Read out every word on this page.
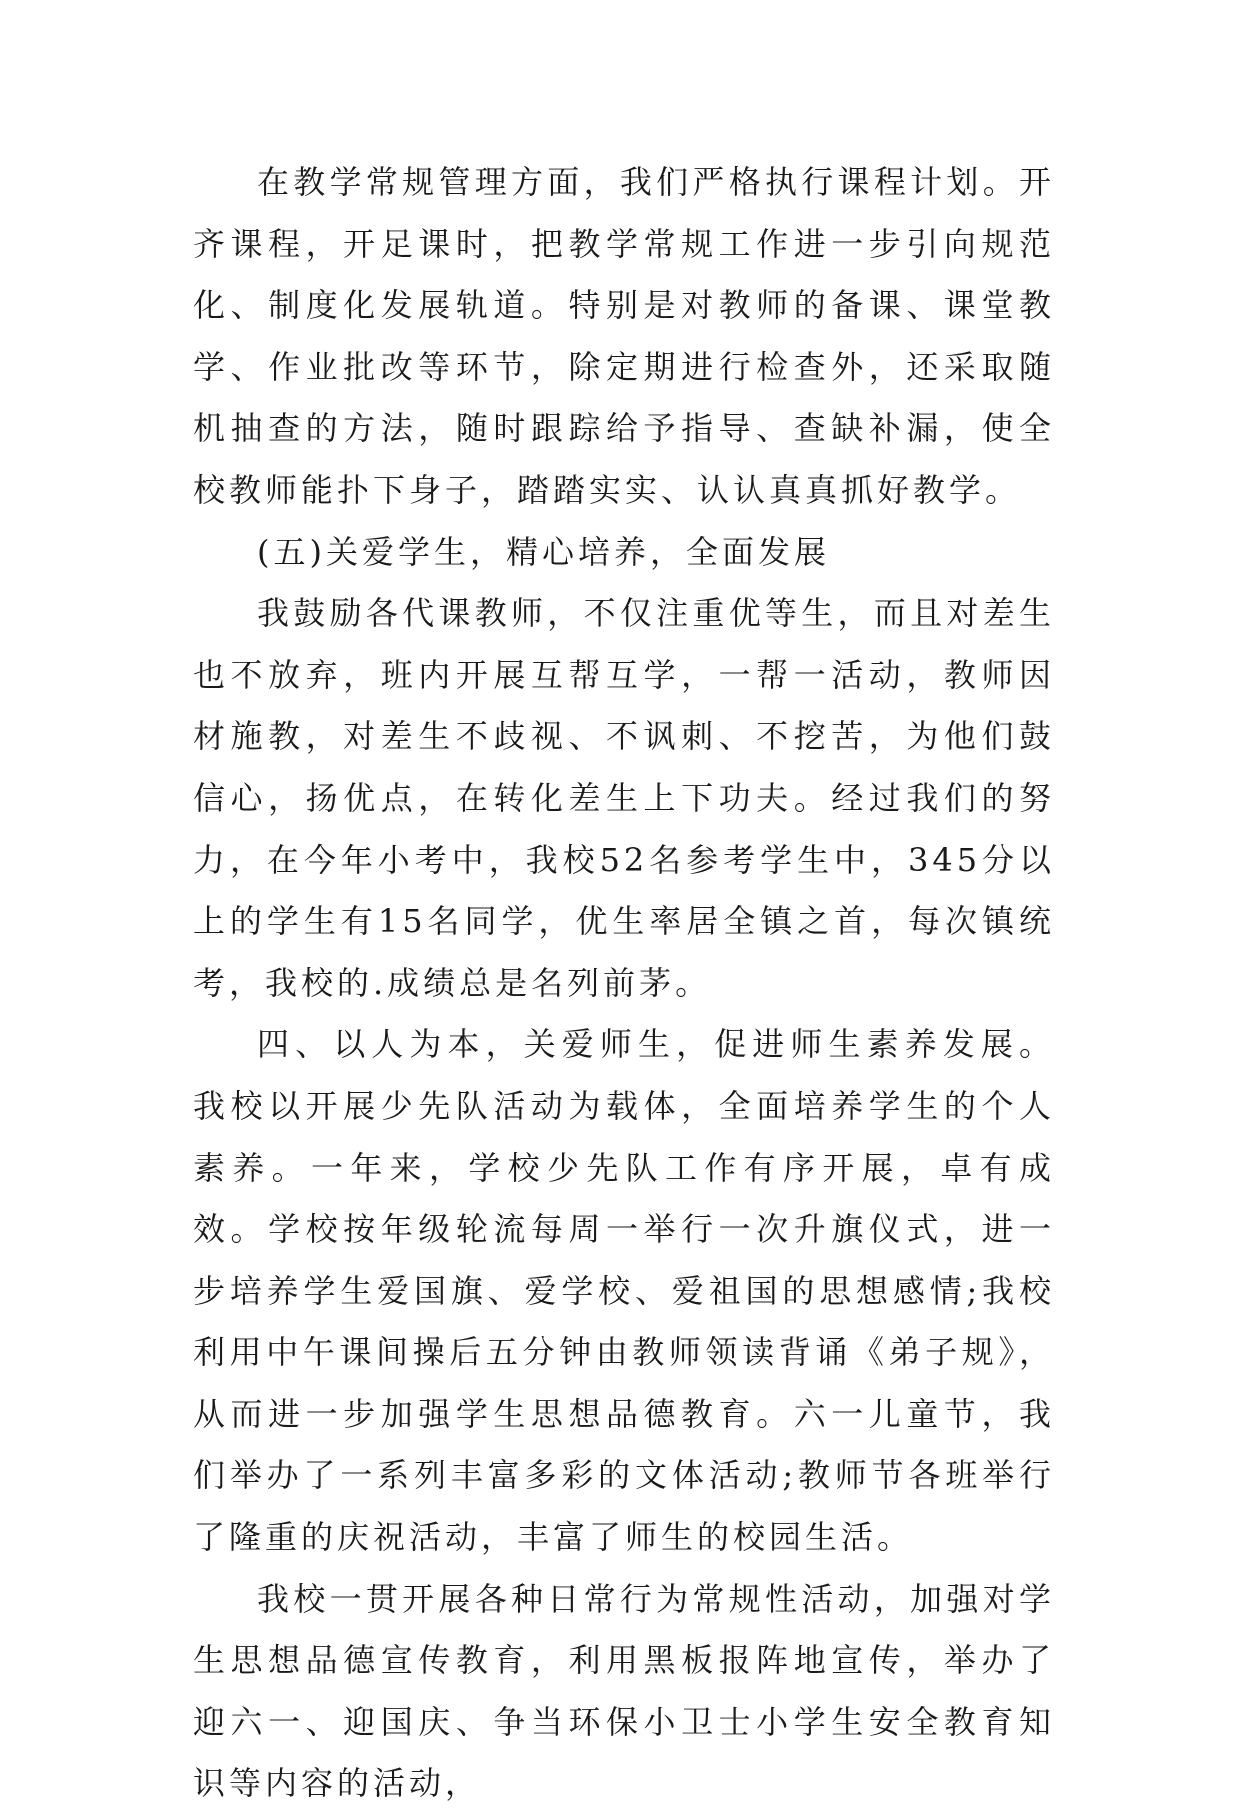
在教学常规管理方面，我们严格执行课程计划。开齐课程，开足课时，把教学常规工作进一步引向规范化、制度化发展轨道。特别是对教师的备课、课堂教学、作业批改等环节，除定期进行检查外，还采取随机抽查的方法，随时跟踪给予指导、查缺补漏，使全校教师能扑下身子，踏踏实实、认认真真抓好教学。

(五)关爱学生，精心培养，全面发展

我鼓励各代课教师，不仅注重优等生，而且对差生也不放弃，班内开展互帮互学，一帮一活动，教师因材施教，对差生不歧视、不讽刺、不挖苦，为他们鼓信心，扬优点，在转化差生上下功夫。经过我们的努力，在今年小考中，我校52名参考学生中，345分以上的学生有15名同学，优生率居全镇之首，每次镇统考，我校的.成绩总是名列前茅。

四、以人为本，关爱师生，促进师生素养发展。 我校以开展少先队活动为载体，全面培养学生的个人素养。一年来，学校少先队工作有序开展，卓有成效。学校按年级轮流每周一举行一次升旗仪式，进一步培养学生爱国旗、爱学校、爱祖国的思想感情;我校利用中午课间操后五分钟由教师领读背诵《弟子规》，从而进一步加强学生思想品德教育。六一儿童节，我们举办了一系列丰富多彩的文体活动;教师节各班举行了隆重的庆祝活动，丰富了师生的校园生活。

我校一贯开展各种日常行为常规性活动，加强对学生思想品德宣传教育，利用黑板报阵地宣传，举办了迎六一、迎国庆、争当环保小卫士小学生安全教育知识等内容的活动，
